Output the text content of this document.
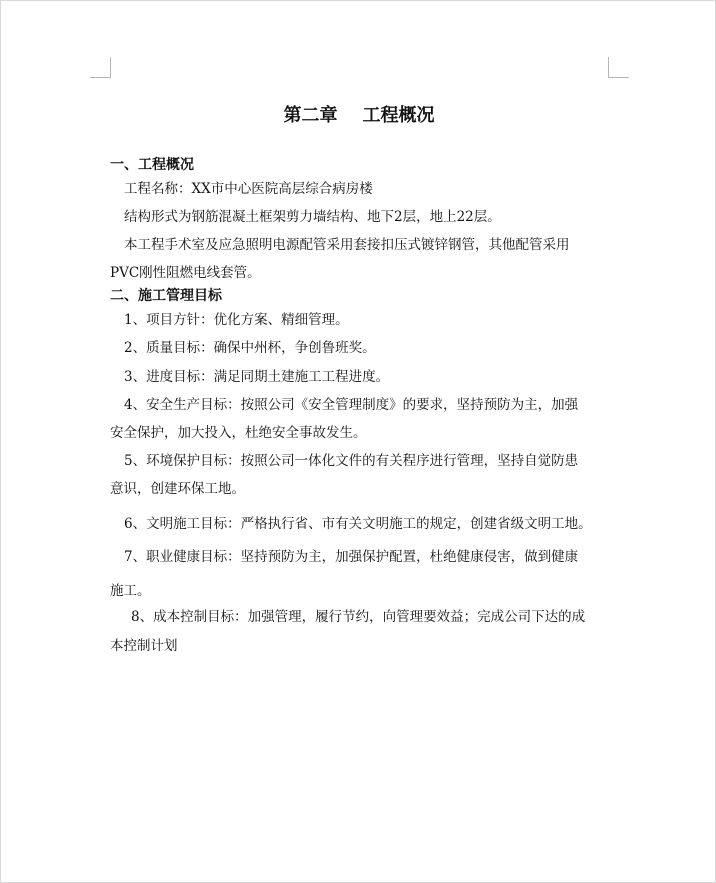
第二章    工程概况
一、工程概况
工程名称：XX市中心医院高层综合病房楼
结构形式为钢筋混凝土框架剪力墙结构、地下2层，地上22层。
本工程手术室及应急照明电源配管采用套接扣压式镀锌钢管，其他配管采用
PVC刚性阻燃电线套管。
二、施工管理目标
1、项目方针：优化方案、精细管理。
2、质量目标：确保中州杯，争创鲁班奖。
3、进度目标：满足同期土建施工工程进度。
4、安全生产目标：按照公司《安全管理制度》的要求，坚持预防为主，加强
安全保护，加大投入，杜绝安全事故发生。
5、环境保护目标：按照公司一体化文件的有关程序进行管理，坚持自觉防患
意识，创建环保工地。
6、文明施工目标：严格执行省、市有关文明施工的规定，创建省级文明工地。
7、职业健康目标：坚持预防为主，加强保护配置，杜绝健康侵害，做到健康
施工。
8、成本控制目标：加强管理，履行节约，向管理要效益；完成公司下达的成
本控制计划
